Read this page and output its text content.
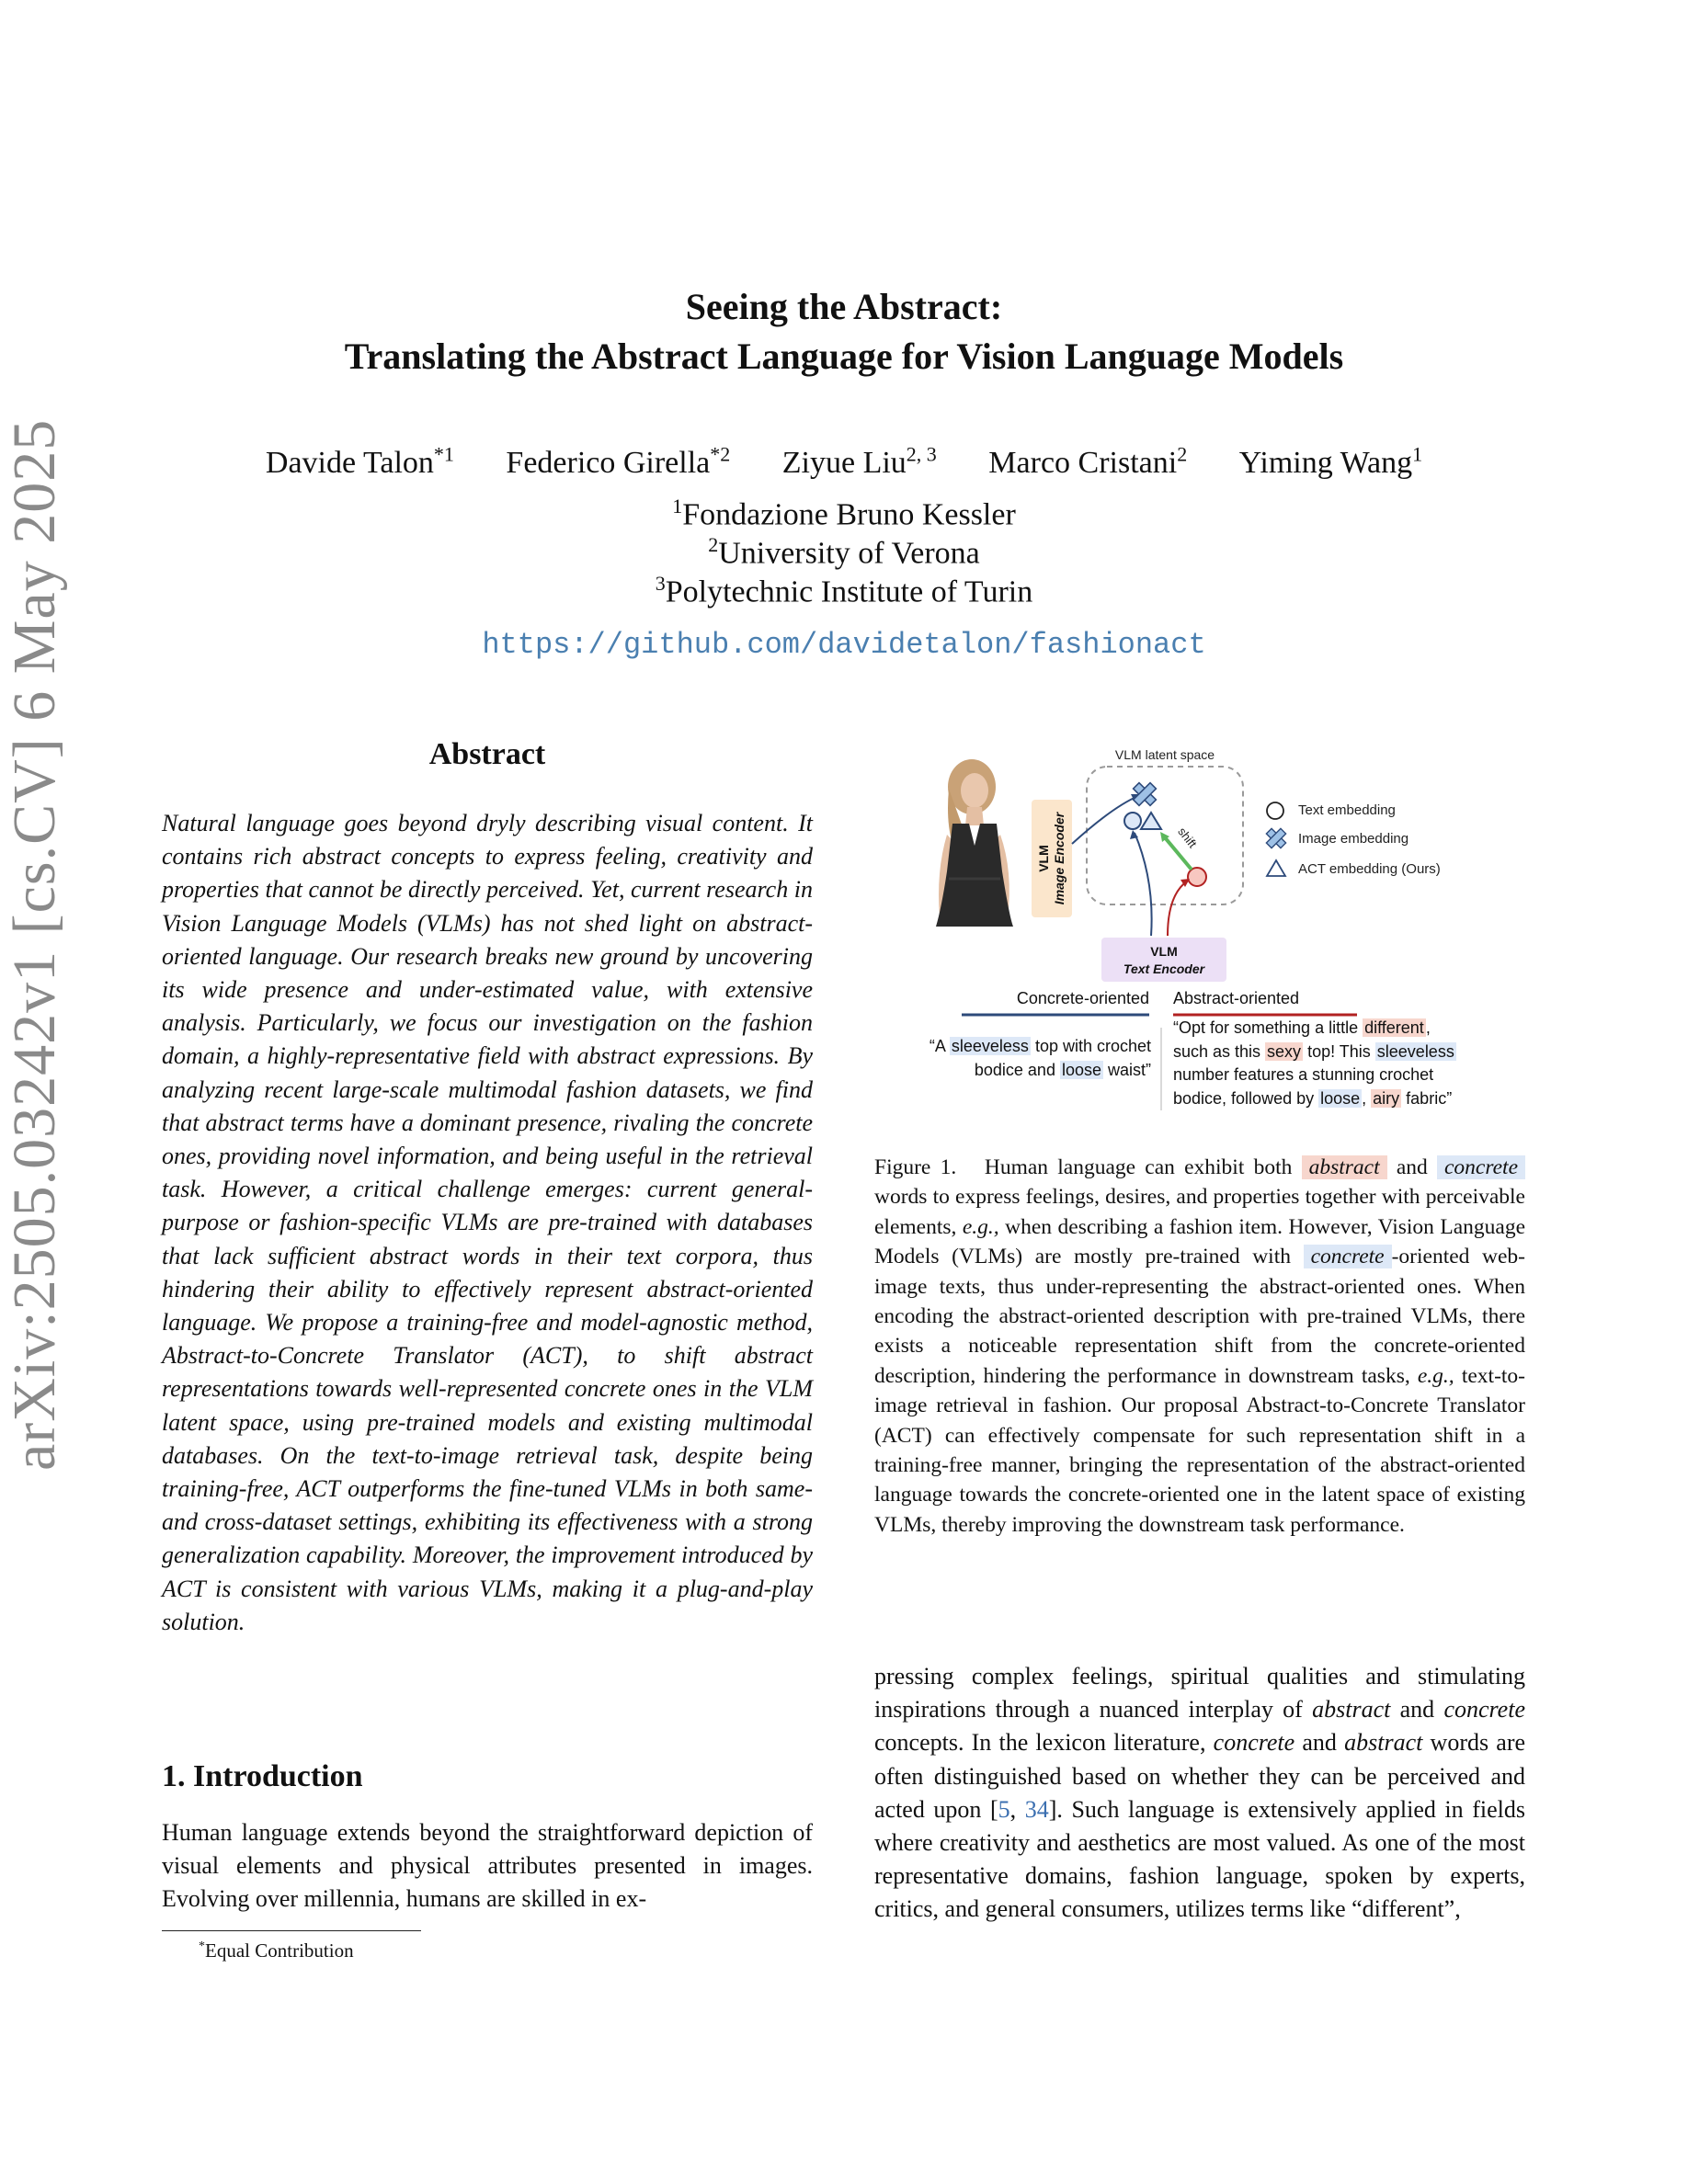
arXiv:2505.03242v1 [cs.CV] 6 May 2025
Seeing the Abstract:
Translating the Abstract Language for Vision Language Models
Davide Talon$^{*1}$ Federico Girella$^{*2}$ Ziyue Liu$^{2, 3}$ Marco Cristani$^2$ Yiming Wang$^1$
$^1$Fondazione Bruno Kessler
$^2$University of Verona
$^3$Polytechnic Institute of Turin
https://github.com/davidetalon/fashionact
Abstract

Natural language goes beyond dryly describing visual content. It contains rich abstract concepts to express feeling, creativity and properties that cannot be directly perceived. Yet, current research in Vision Language Models (VLMs) has not shed light on abstract-oriented language. Our research breaks new ground by uncovering its wide presence and under-estimated value, with extensive analysis. Particularly, we focus our investigation on the fashion domain, a highly-representative field with abstract expressions. By analyzing recent large-scale multimodal fashion datasets, we find that abstract terms have a dominant presence, rivaling the concrete ones, providing novel information, and being useful in the retrieval task. However, a critical challenge emerges: current general-purpose or fashion-specific VLMs are pre-trained with databases that lack sufficient abstract words in their text corpora, thus hindering their ability to effectively represent abstract-oriented language. We propose a training-free and model-agnostic method, Abstract-to-Concrete Translator (ACT), to shift abstract representations towards well-represented concrete ones in the VLM latent space, using pre-trained models and existing multimodal databases. On the text-to-image retrieval task, despite being training-free, ACT outperforms the fine-tuned VLMs in both same- and cross-dataset settings, exhibiting its effectiveness with a strong generalization capability. Moreover, the improvement introduced by ACT is consistent with various VLMs, making it a plug-and-play solution.

1. Introduction

Human language extends beyond the straightforward depiction of visual elements and physical attributes presented in images. Evolving over millennia, humans are skilled in ex-

*Equal Contribution
VLM Image Encoder
VLM latent space
shift
VLM
Text Encoder
Text embedding
Image embedding
ACT embedding (Ours)
Concrete-oriented Abstract-oriented
“A sleeveless top with crochet
bodice and loose waist”
“Opt for something a little different ,
such as this sexy top! This sleeveless
number features a stunning crochet
bodice, followed by loose , airy fabric”

Figure 1. Human language can exhibit both abstract and concrete words to express feelings, desires, and properties together with perceivable elements, e.g., when describing a fashion item. However, Vision Language Models (VLMs) are mostly pre-trained with concrete -oriented web-image texts, thus under-representing the abstract-oriented ones. When encoding the abstract-oriented description with pre-trained VLMs, there exists a noticeable representation shift from the concrete-oriented description, hindering the performance in downstream tasks, e.g., text-to-image retrieval in fashion. Our proposal Abstract-to-Concrete Translator (ACT) can effectively compensate for such representation shift in a training-free manner, bringing the representation of the abstract-oriented language towards the concrete-oriented one in the latent space of existing VLMs, thereby improving the downstream task performance.

pressing complex feelings, spiritual qualities and stimulating inspirations through a nuanced interplay of abstract and concrete concepts. In the lexicon literature, concrete and abstract words are often distinguished based on whether they can be perceived and acted upon [5, 34]. Such language is extensively applied in fields where creativity and aesthetics are most valued. As one of the most representative domains, fashion language, spoken by experts, critics, and general consumers, utilizes terms like “different”,
